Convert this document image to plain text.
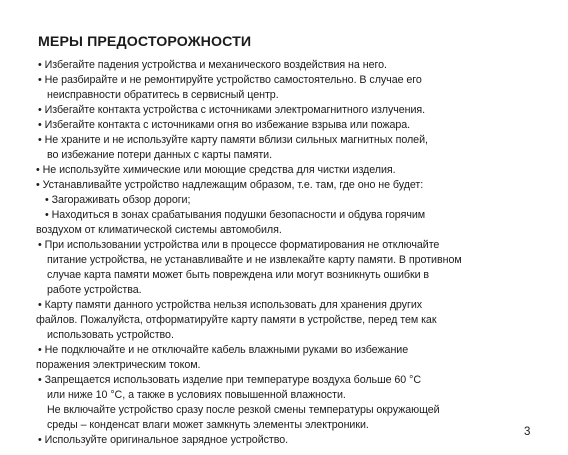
МЕРЫ ПРЕДОСТОРОЖНОСТИ
• Избегайте падения устройства и механического воздействия на него.
• Не разбирайте и не ремонтируйте устройство самостоятельно. В случае его
неисправности обратитесь в сервисный центр.
• Избегайте контакта устройства с источниками электромагнитного излучения.
• Избегайте контакта с источниками огня во избежание взрыва или пожара.
• Не храните и не используйте карту памяти вблизи сильных магнитных полей,
во избежание потери данных с карты памяти.
• Не используйте химические или моющие средства для чистки изделия.
• Устанавливайте устройство надлежащим образом, т.е. там, где оно не будет:
• Загораживать обзор дороги;
• Находиться в зонах срабатывания подушки безопасности и обдува горячим
воздухом от климатической системы автомобиля.
• При использовании устройства или в процессе форматирования не отключайте
питание устройства, не устанавливайте и не извлекайте карту памяти. В противном
случае карта памяти может быть повреждена или могут возникнуть ошибки в
работе устройства.
• Карту памяти данного устройства нельзя использовать для хранения других
файлов. Пожалуйста, отформатируйте карту памяти в устройстве, перед тем как
использовать устройство.
• Не подключайте и не отключайте кабель влажными руками во избежание
поражения электрическим током.
• Запрещается использовать изделие при температуре воздуха больше 60 °С
или ниже 10 °С, а также в условиях повышенной влажности.
Не включайте устройство сразу после резкой смены температуры окружающей
среды – конденсат влаги может замкнуть элементы электроники.
• Используйте оригинальное зарядное устройство.
3
